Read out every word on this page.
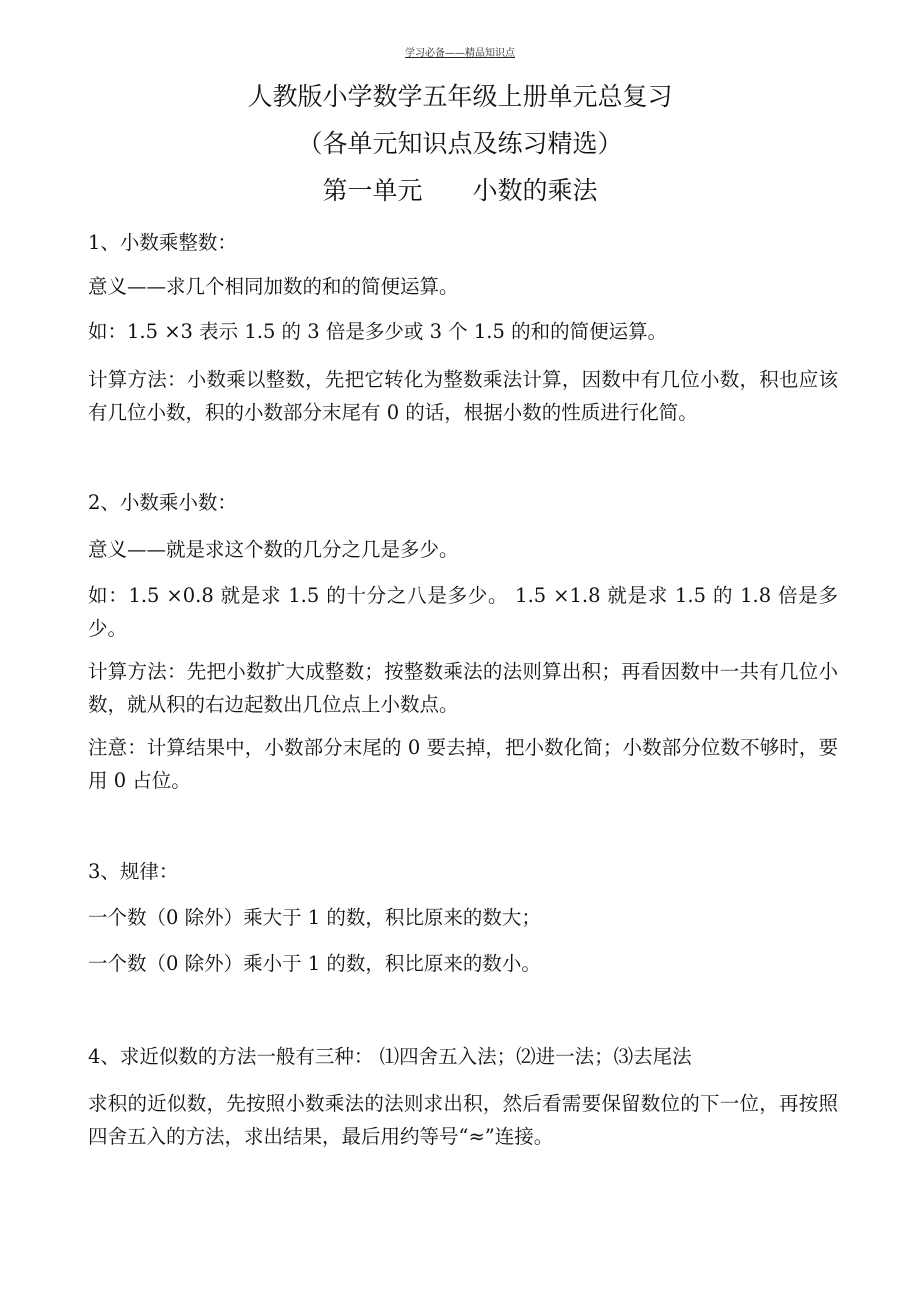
学习必备——精品知识点
人教版小学数学五年级上册单元总复习
（各单元知识点及练习精选）
第一单元　　小数的乘法
1、小数乘整数：
意义——求几个相同加数的和的简便运算。
如：1.5 ×3 表示 1.5 的 3 倍是多少或 3 个 1.5 的和的简便运算。
计算方法：小数乘以整数，先把它转化为整数乘法计算，因数中有几位小数，积也应该有几位小数，积的小数部分末尾有 0 的话，根据小数的性质进行化简。
2、小数乘小数：
意义——就是求这个数的几分之几是多少。
如：1.5 ×0.8 就是求 1.5 的十分之八是多少。 1.5 ×1.8 就是求 1.5 的 1.8 倍是多少。
计算方法：先把小数扩大成整数；按整数乘法的法则算出积；再看因数中一共有几位小数，就从积的右边起数出几位点上小数点。
注意：计算结果中，小数部分末尾的 0 要去掉，把小数化简；小数部分位数不够时，要用 0 占位。
3、规律：
一个数（0 除外）乘大于 1 的数，积比原来的数大；
一个数（0 除外）乘小于 1 的数，积比原来的数小。
4、求近似数的方法一般有三种： ⑴四舍五入法；⑵进一法；⑶去尾法
求积的近似数，先按照小数乘法的法则求出积，然后看需要保留数位的下一位，再按照四舍五入的方法，求出结果，最后用约等号“≈”连接。
